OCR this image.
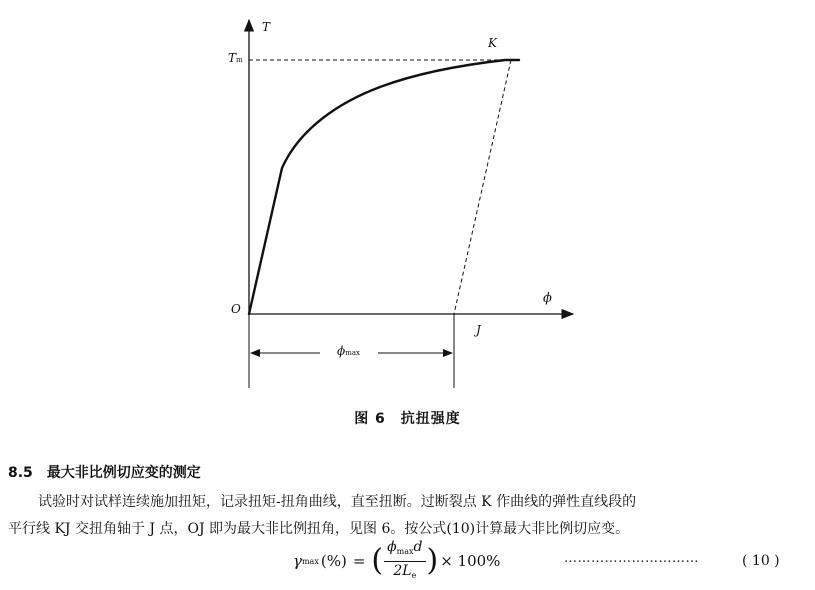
T
Tm
K
O
ϕ
J
ϕmax
图 6　抗扭强度
8.5 最大非比例切应变的测定
试验时对试样连续施加扭矩，记录扭矩-扭角曲线，直至扭断。过断裂点 K 作曲线的弹性直线段的
平行线 KJ 交扭角轴于 J 点，OJ 即为最大非比例扭角，见图 6。按公式(10)计算最大非比例切应变。
γ max (%) = ( $\frac{\phi_{max}d}{2L_e}$ ) × 100%	…………………………	( 10 )
